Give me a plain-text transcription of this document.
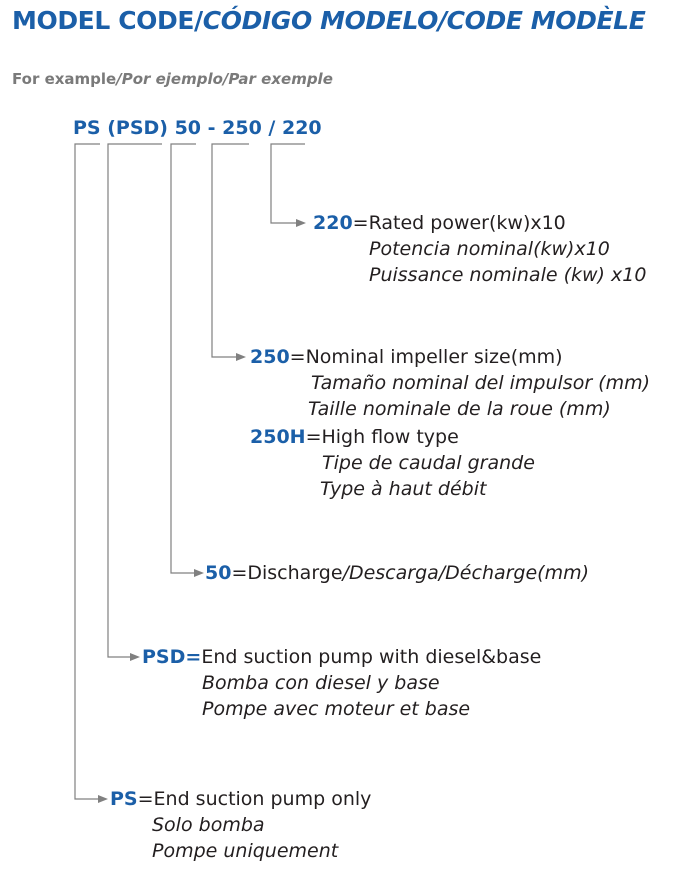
MODEL CODE/CÓDIGO MODELO/CODE MODÈLE
For example/Por ejemplo/Par exemple
PS (PSD) 50 - 250 / 220
220=Rated power(kw)x10
Potencia nominal(kw)x10
Puissance nominale (kw) x10
250=Nominal impeller size(mm)
Tamaño nominal del impulsor (mm)
Taille nominale de la roue (mm)
250H=High flow type
Tipe de caudal grande
Type à haut débit
50=Discharge/Descarga/Décharge(mm)
PSD=End suction pump with diesel&base
Bomba con diesel y base
Pompe avec moteur et base
PS=End suction pump only
Solo bomba
Pompe uniquement
